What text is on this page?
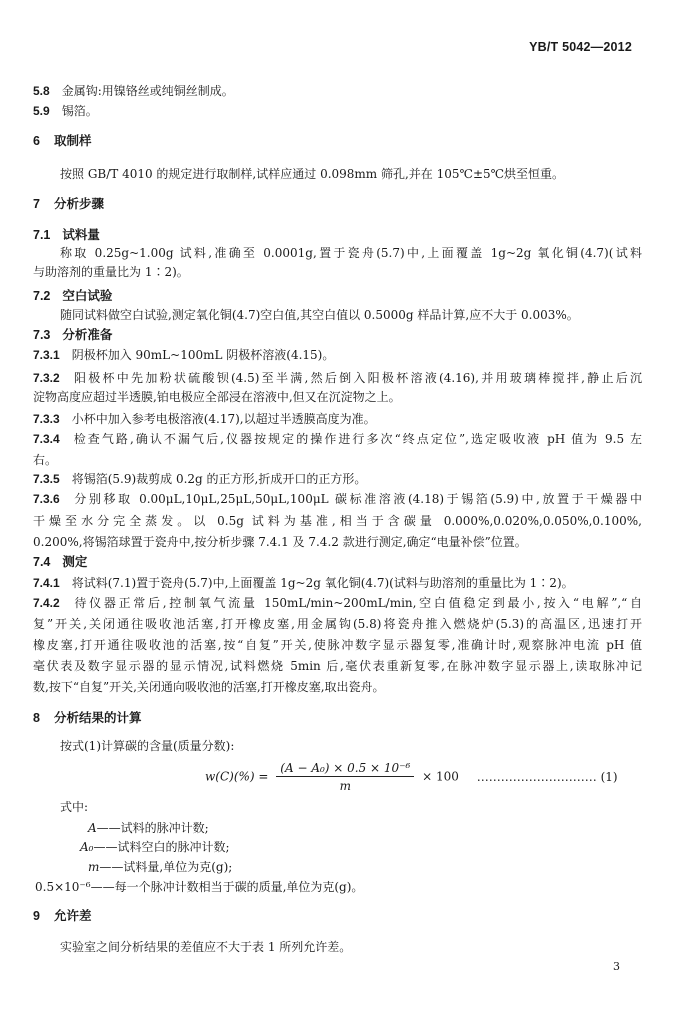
YB/T 5042—2012
5.8 金属钩:用镍铬丝或纯铜丝制成。
5.9 锡箔。
6 取制样
按照 GB/T 4010 的规定进行取制样,试样应通过 0.098mm 筛孔,并在 105℃±5℃烘至恒重。
7 分析步骤
7.1 试料量
称取 0.25g~1.00g 试料,准确至 0.0001g,置于瓷舟(5.7)中,上面覆盖 1g~2g 氧化铜(4.7)(试料
与助溶剂的重量比为 1∶2)。
7.2 空白试验
随同试料做空白试验,测定氧化铜(4.7)空白值,其空白值以 0.5000g 样品计算,应不大于 0.003%。
7.3 分析准备
7.3.1 阴极杯加入 90mL~100mL 阴极杯溶液(4.15)。
7.3.2 阳极杯中先加粉状硫酸钡(4.5)至半满,然后倒入阳极杯溶液(4.16),并用玻璃棒搅拌,静止后沉
淀物高度应超过半透膜,铂电极应全部浸在溶液中,但又在沉淀物之上。
7.3.3 小杯中加入参考电极溶液(4.17),以超过半透膜高度为准。
7.3.4 检查气路,确认不漏气后,仪器按规定的操作进行多次“终点定位”,选定吸收液 pH 值为 9.5 左
右。
7.3.5 将锡箔(5.9)裁剪成 0.2g 的正方形,折成开口的正方形。
7.3.6 分别移取 0.00μL,10μL,25μL,50μL,100μL 碳标准溶液(4.18)于锡箔(5.9)中,放置于干燥器中
干燥至水分完全蒸发。以 0.5g 试料为基准,相当于含碳量 0.000%,0.020%,0.050%,0.100%,
0.200%,将锡箔球置于瓷舟中,按分析步骤 7.4.1 及 7.4.2 款进行测定,确定“电量补偿”位置。
7.4 测定
7.4.1 将试料(7.1)置于瓷舟(5.7)中,上面覆盖 1g~2g 氧化铜(4.7)(试料与助溶剂的重量比为 1∶2)。
7.4.2 待仪器正常后,控制氧气流量 150mL/min~200mL/min,空白值稳定到最小,按入“电解”,“自
复”开关,关闭通往吸收池活塞,打开橡皮塞,用金属钩(5.8)将瓷舟推入燃烧炉(5.3)的高温区,迅速打开
橡皮塞,打开通往吸收池的活塞,按“自复”开关,使脉冲数字显示器复零,准确计时,观察脉冲电流 pH 值
毫伏表及数字显示器的显示情况,试料燃烧 5min 后,毫伏表重新复零,在脉冲数字显示器上,读取脉冲记
数,按下“自复”开关,关闭通向吸收池的活塞,打开橡皮塞,取出瓷舟。
8 分析结果的计算
按式(1)计算碳的含量(质量分数):
$w(C)(\%) = \frac{\text{(A − A₀) × 0.5 × 10⁻⁶}}{m} \times 100$ ………………………… (1)
式中:
A——试料的脉冲计数;
A₀——试料空白的脉冲计数;
m——试料量,单位为克(g);
0.5×10⁻⁶——每一个脉冲计数相当于碳的质量,单位为克(g)。
9 允许差
实验室之间分析结果的差值应不大于表 1 所列允许差。
3
